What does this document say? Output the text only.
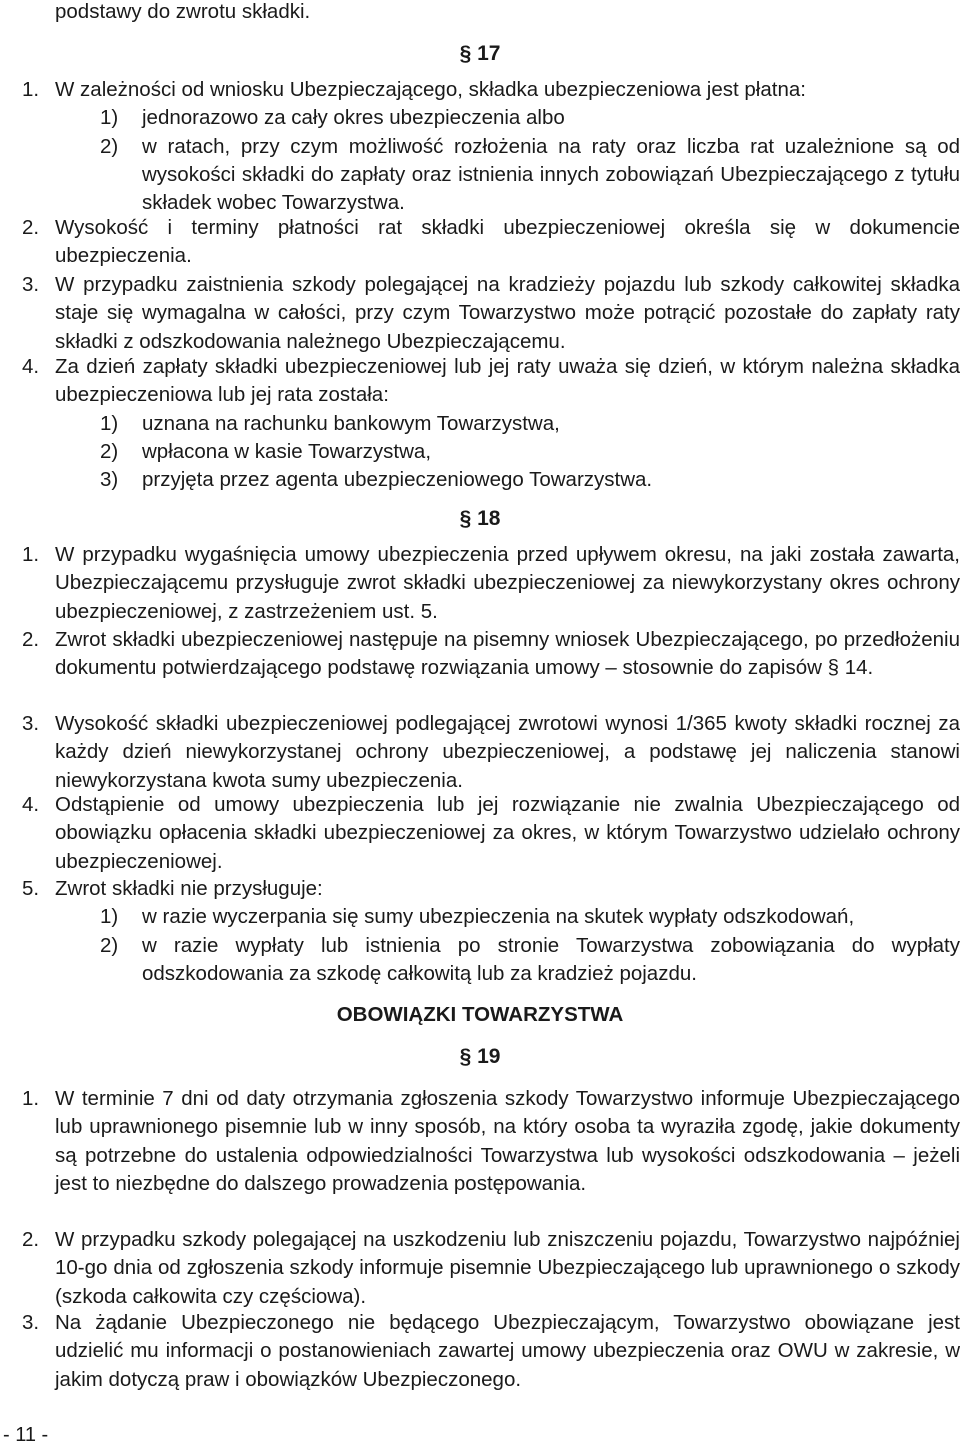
podstawy do zwrotu składki.
§ 17
1. W zależności od wniosku Ubezpieczającego, składka ubezpieczeniowa jest płatna:
1) jednorazowo za cały okres ubezpieczenia albo
2) w ratach, przy czym możliwość rozłożenia na raty oraz liczba rat uzależnione są od wysokości składki do zapłaty oraz istnienia innych zobowiązań Ubezpieczającego z tytułu składek wobec Towarzystwa.
2. Wysokość i terminy płatności rat składki ubezpieczeniowej określa się w dokumencie ubezpieczenia.
3. W przypadku zaistnienia szkody polegającej na kradzieży pojazdu lub szkody całkowitej składka staje się wymagalna w całości, przy czym Towarzystwo może potrącić pozostałe do zapłaty raty składki z odszkodowania należnego Ubezpieczającemu.
4. Za dzień zapłaty składki ubezpieczeniowej lub jej raty uważa się dzień, w którym należna składka ubezpieczeniowa lub jej rata została:
1) uznana na rachunku bankowym Towarzystwa,
2) wpłacona w kasie Towarzystwa,
3) przyjęta przez agenta ubezpieczeniowego Towarzystwa.
§ 18
1. W przypadku wygaśnięcia umowy ubezpieczenia przed upływem okresu, na jaki została zawarta, Ubezpieczającemu przysługuje zwrot składki ubezpieczeniowej za niewykorzystany okres ochrony ubezpieczeniowej, z zastrzeżeniem ust. 5.
2. Zwrot składki ubezpieczeniowej następuje na pisemny wniosek Ubezpieczającego, po przedłożeniu dokumentu potwierdzającego podstawę rozwiązania umowy – stosownie do zapisów § 14.
3. Wysokość składki ubezpieczeniowej podlegającej zwrotowi wynosi 1/365 kwoty składki rocznej za każdy dzień niewykorzystanej ochrony ubezpieczeniowej, a podstawę jej naliczenia stanowi niewykorzystana kwota sumy ubezpieczenia.
4. Odstąpienie od umowy ubezpieczenia lub jej rozwiązanie nie zwalnia Ubezpieczającego od obowiązku opłacenia składki ubezpieczeniowej za okres, w którym Towarzystwo udzielało ochrony ubezpieczeniowej.
5. Zwrot składki nie przysługuje:
1) w razie wyczerpania się sumy ubezpieczenia na skutek wypłaty odszkodowań,
2) w razie wypłaty lub istnienia po stronie Towarzystwa zobowiązania do wypłaty odszkodowania za szkodę całkowitą lub za kradzież pojazdu.
OBOWIĄZKI TOWARZYSTWA
§ 19
1. W terminie 7 dni od daty otrzymania zgłoszenia szkody Towarzystwo informuje Ubezpieczającego lub uprawnionego pisemnie lub w inny sposób, na który osoba ta wyraziła zgodę, jakie dokumenty są potrzebne do ustalenia odpowiedzialności Towarzystwa lub wysokości odszkodowania – jeżeli jest to niezbędne do dalszego prowadzenia postępowania.
2. W przypadku szkody polegającej na uszkodzeniu lub zniszczeniu pojazdu, Towarzystwo najpóźniej 10-go dnia od zgłoszenia szkody informuje pisemnie Ubezpieczającego lub uprawnionego o szkody (szkoda całkowita czy częściowa).
3. Na żądanie Ubezpieczonego nie będącego Ubezpieczającym, Towarzystwo obowiązane jest udzielić mu informacji o postanowieniach zawartej umowy ubezpieczenia oraz OWU w zakresie, w jakim dotyczą praw i obowiązków Ubezpieczonego.
- 11 -
